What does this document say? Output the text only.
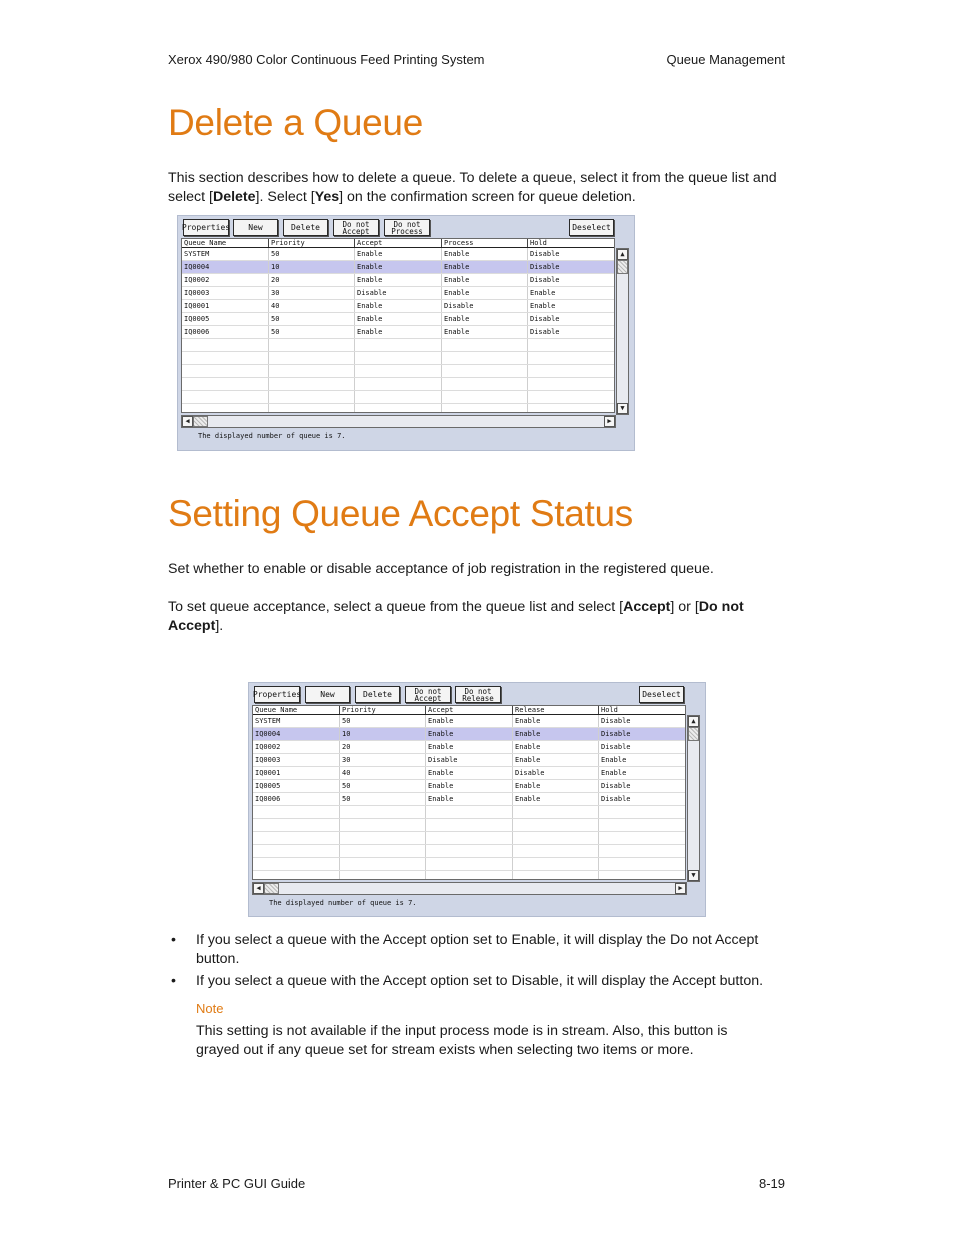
Xerox 490/980 Color Continuous Feed Printing System	Queue Management
Delete a Queue
This section describes how to delete a queue. To delete a queue, select it from the queue list and select [Delete]. Select [Yes] on the confirmation screen for queue deletion.
Properties	New	Delete	Do not
Accept
Do not
Process	Deselect
Queue Name	Priority	Accept	Process	Hold
SYSTEM	50	Enable	Enable	Disable
IQ0004	10	Enable	Enable	Disable
IQ0002	20	Enable	Enable	Disable
IQ0003	30	Disable	Enable	Enable
IQ0001	40	Enable	Disable	Enable
IQ0005	50	Enable	Enable	Disable
IQ0006	50	Enable	Enable	Disable
▲
▼
◀	▶
The displayed number of queue is 7.
Setting Queue Accept Status
Set whether to enable or disable acceptance of job registration in the registered queue.
To set queue acceptance, select a queue from the queue list and select [Accept] or [Do not Accept].
Properties	New	Delete	Do not
Accept
Do not
Release	Deselect
Queue Name	Priority	Accept	Release	Hold
SYSTEM	50	Enable	Enable	Disable
IQ0004	10	Enable	Enable	Disable
IQ0002	20	Enable	Enable	Disable
IQ0003	30	Disable	Enable	Enable
IQ0001	40	Enable	Disable	Enable
IQ0005	50	Enable	Enable	Disable
IQ0006	50	Enable	Enable	Disable
▲
▼
◀	▶
The displayed number of queue is 7.
• If you select a queue with the Accept option set to Enable, it will display the Do not Accept button.
• If you select a queue with the Accept option set to Disable, it will display the Accept button.
Note
This setting is not available if the input process mode is in stream. Also, this button is grayed out if any queue set for stream exists when selecting two items or more.
Printer & PC GUI Guide	8-19
